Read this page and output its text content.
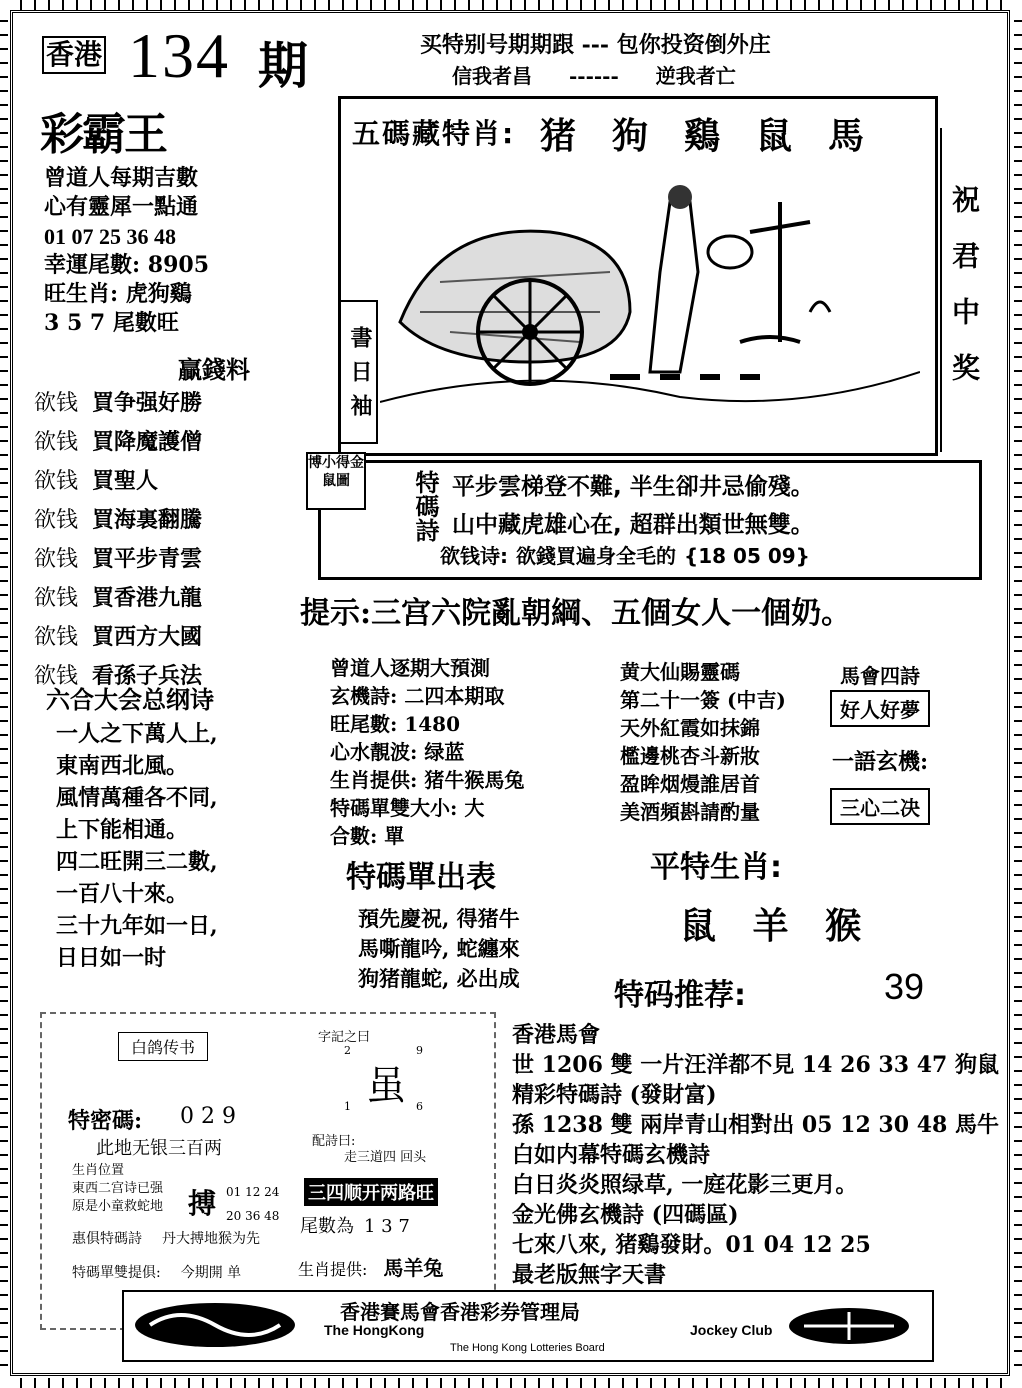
香港 134 期
彩霸王
买特别号期期跟 --- 包你投资倒外庄
信我者昌 ------ 逆我者亡
曾道人每期吉數
心有靈犀一點通
01 07 25 36 48
幸運尾數: 8905
旺生肖: 虎狗鷄
3 5 7 尾數旺
贏錢料
欲钱 買争强好勝
欲钱 買降魔護僧
欲钱 買聖人
欲钱 買海裏翻騰
欲钱 買平步青雲
欲钱 買香港九龍
欲钱 買西方大國
欲钱 看孫子兵法
六合大会总纲诗
一人之下萬人上,
東南西北風。
風情萬種各不同,
上下能相通。
四二旺開三二數,
一百八十來。
三十九年如一日,
日日如一时
五碼藏特肖: 猪狗鷄鼠馬
祝君中奖
書日袖
博小得金鼠圖	特碼詩
平步雲梯登不難, 半生卻井忌偷殘。
山中藏虎雄心在, 超群出類世無雙。
欲钱诗: 欲錢買遍身全毛的 {18 05 09}
提示:三宫六院亂朝綱、五個女人一個奶。
曾道人逐期大預測
玄機詩: 二四本期取
旺尾數: 1480
心水靚波: 绿蓝
生肖提供: 猪牛猴馬兔
特碼單雙大小: 大
合數: 單
黄大仙賜靈碼
第二十一簽 (中吉)
天外紅霞如抹錦
檻邊桃杏斗新妝
盈眸烟熳誰居首
美酒頻斟請酌量
馬會四詩
好人好夢
一語玄機:
三心二决
特碼單出表
預先慶祝, 得猪牛
馬嘶龍吟, 蛇纏來
狗猪龍蛇, 必出成
平特生肖:
鼠 羊 猴
特码推荐:	39
香港馬會
世 1206 雙 一片汪洋都不見 14 26 33 47 狗鼠
精彩特碼詩 (發財富)
孫 1238 雙 兩岸青山相對出 05 12 30 48 馬牛
白如内幕特碼玄機詩
白日炎炎照绿草, 一庭花影三更月。
金光佛玄機詩 (四碼區)
七來八來, 猪鷄發財。01 04 12 25
最老版無字天書
白鸽传书
特密碼: 0 2 9
此地无银三百两
生肖位置
東西二宫诗已强
原是小童救蛇地 搏 01 12 24
20 36 48
惠俱特碼詩 丹大搏地猴为先
特碼單雙提俱: 今期開 单
字記之曰
2	9
虽
1	6
配詩曰:
走三道四 回头
三四顺开两路旺
尾數為 1 3 7
生肖提供: 馬羊兔
香港賽馬會香港彩券管理局
The HongKong	Jockey Club
The Hong Kong Lotteries Board
